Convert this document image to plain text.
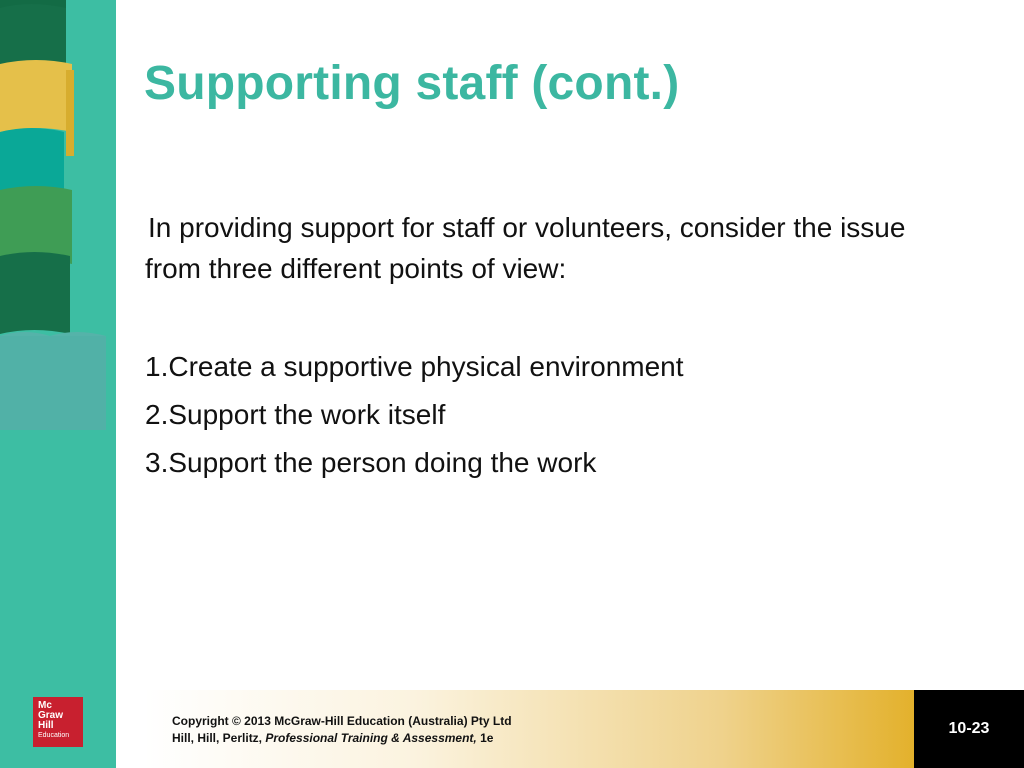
Supporting staff (cont.)

In providing support for staff or volunteers, consider the issue from three different points of view:

1.Create a supportive physical environment
2.Support the work itself
3.Support the person doing the work
Mc
Graw
Hill
Education
Copyright © 2013 McGraw-Hill Education (Australia) Pty Ltd
Hill, Hill, Perlitz, Professional Training & Assessment, 1e
10-23
